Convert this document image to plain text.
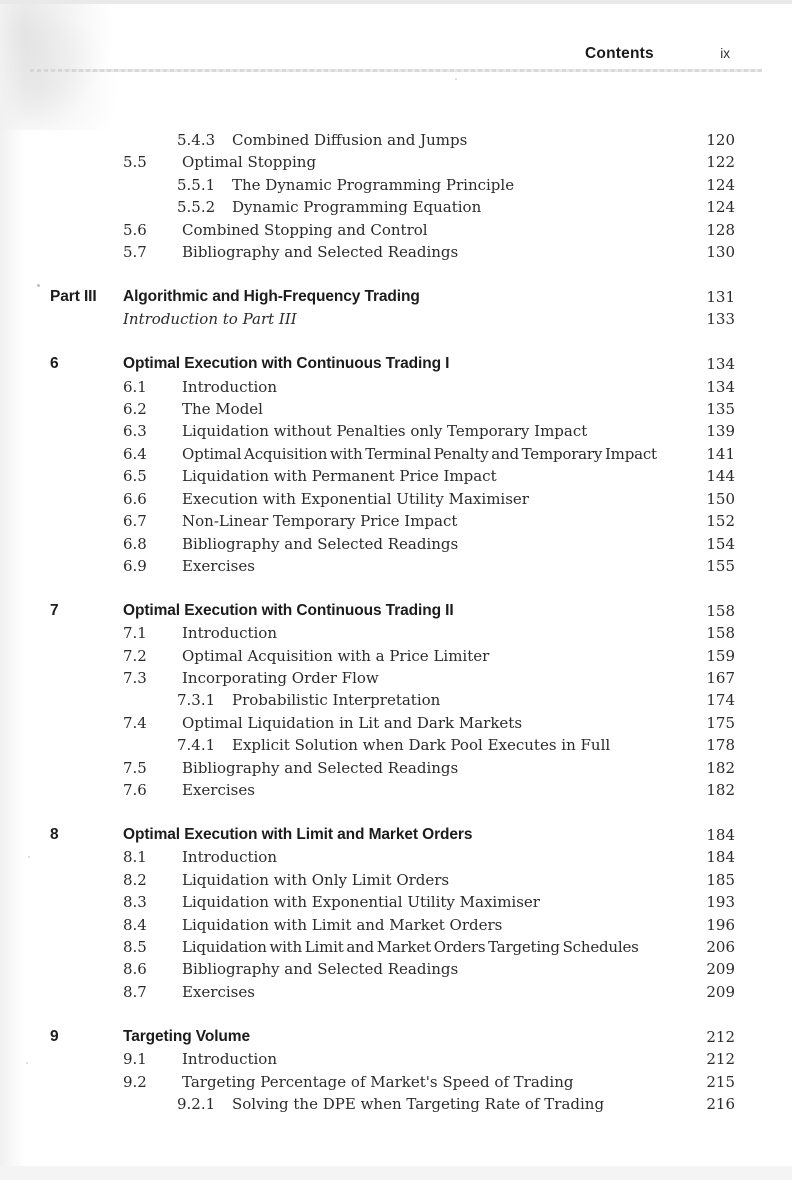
Contents	ix
5.4.3	Combined Diffusion and Jumps	120
5.5	Optimal Stopping	122
5.5.1	The Dynamic Programming Principle	124
5.5.2	Dynamic Programming Equation	124
5.6	Combined Stopping and Control	128
5.7	Bibliography and Selected Readings	130
Part III	Algorithmic and High-Frequency Trading	131
Introduction to Part III	133
6	Optimal Execution with Continuous Trading I	134
6.1	Introduction	134
6.2	The Model	135
6.3	Liquidation without Penalties only Temporary Impact	139
6.4	Optimal Acquisition with Terminal Penalty and Temporary Impact	141
6.5	Liquidation with Permanent Price Impact	144
6.6	Execution with Exponential Utility Maximiser	150
6.7	Non-Linear Temporary Price Impact	152
6.8	Bibliography and Selected Readings	154
6.9	Exercises	155
7	Optimal Execution with Continuous Trading II	158
7.1	Introduction	158
7.2	Optimal Acquisition with a Price Limiter	159
7.3	Incorporating Order Flow	167
7.3.1	Probabilistic Interpretation	174
7.4	Optimal Liquidation in Lit and Dark Markets	175
7.4.1	Explicit Solution when Dark Pool Executes in Full	178
7.5	Bibliography and Selected Readings	182
7.6	Exercises	182
8	Optimal Execution with Limit and Market Orders	184
8.1	Introduction	184
8.2	Liquidation with Only Limit Orders	185
8.3	Liquidation with Exponential Utility Maximiser	193
8.4	Liquidation with Limit and Market Orders	196
8.5	Liquidation with Limit and Market Orders Targeting Schedules	206
8.6	Bibliography and Selected Readings	209
8.7	Exercises	209
9	Targeting Volume	212
9.1	Introduction	212
9.2	Targeting Percentage of Market's Speed of Trading	215
9.2.1	Solving the DPE when Targeting Rate of Trading	216
